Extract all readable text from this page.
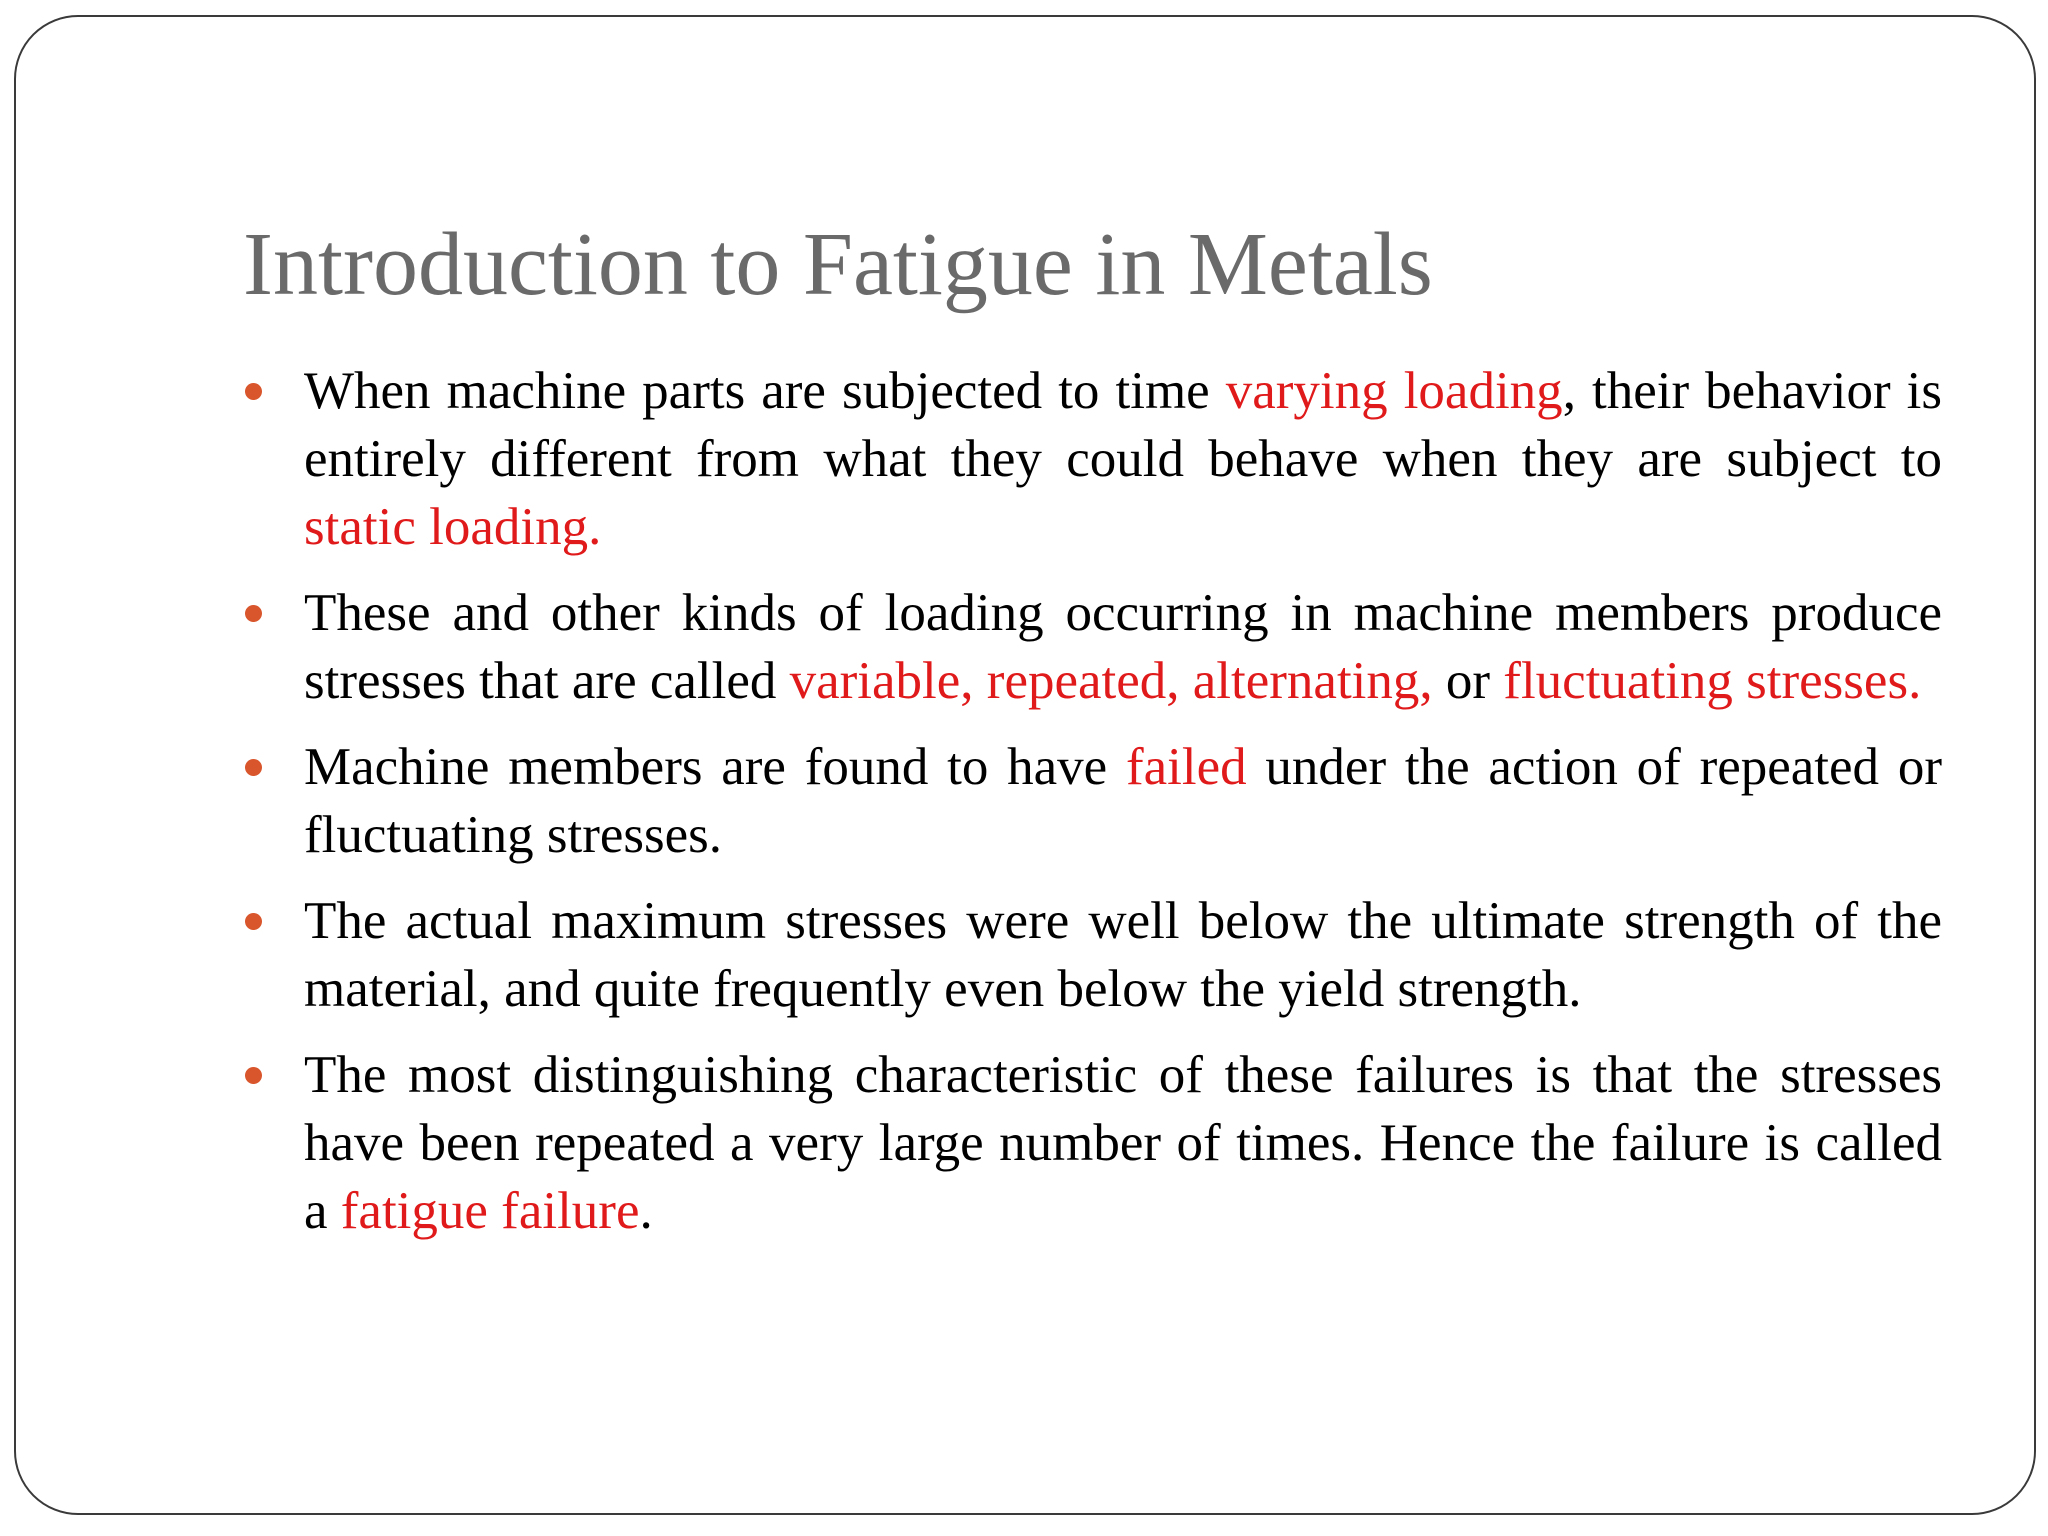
Introduction to Fatigue in Metals
When machine parts are subjected to time varying loading, their behavior is entirely different from what they could behave when they are subject to static loading.
These and other kinds of loading occurring in machine members produce stresses that are called variable, repeated, alternating, or fluctuating stresses.
Machine members are found to have failed under the action of repeated or fluctuating stresses.
The actual maximum stresses were well below the ultimate strength of the material, and quite frequently even below the yield strength.
The most distinguishing characteristic of these failures is that the stresses have been repeated a very large number of times. Hence the failure is called a fatigue failure.
